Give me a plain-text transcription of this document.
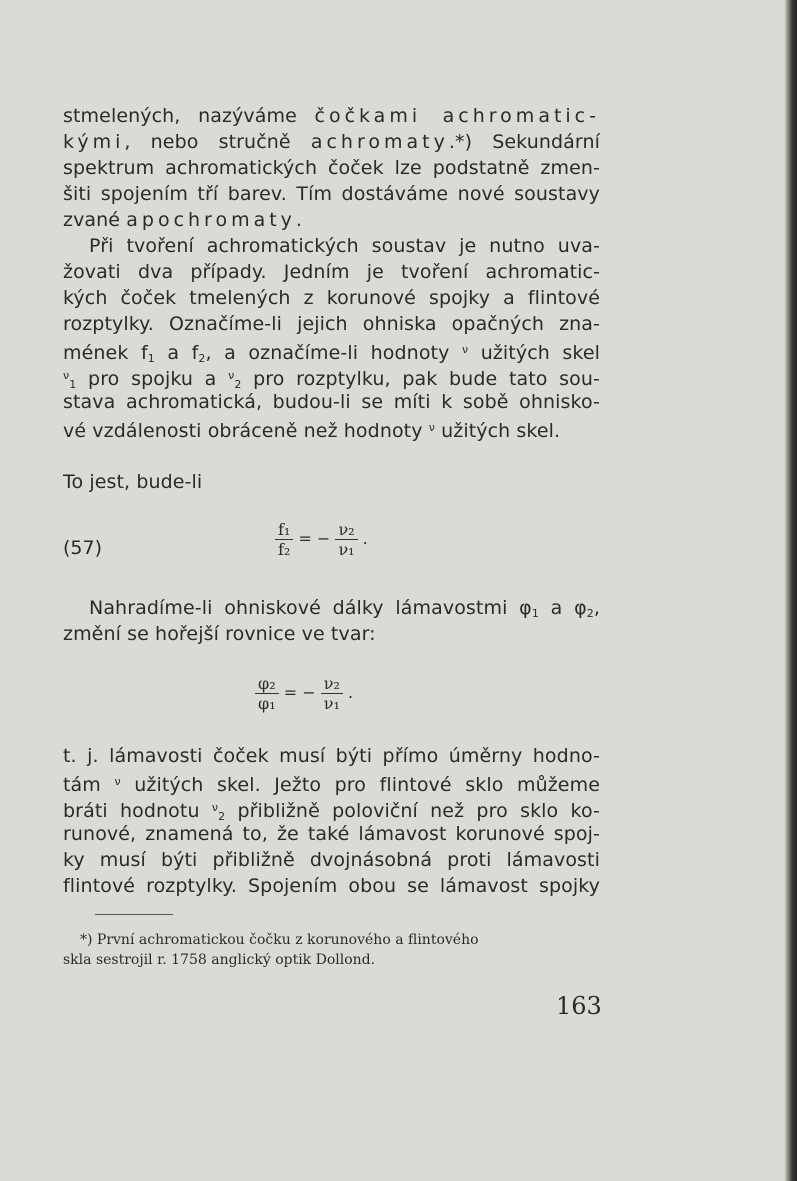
stmelených, nazýváme čočkami achromatic-
kými, nebo stručně achromaty.*) Sekundární
spektrum achromatických čoček lze podstatně zmen-
šiti spojením tří barev. Tím dostáváme nové soustavy
zvané apochromaty.
Při tvoření achromatických soustav je nutno uva-
žovati dva případy. Jedním je tvoření achromatic-
kých čoček tmelených z korunové spojky a flintové
rozptylky. Označíme-li jejich ohniska opačných zna-
mének $f_1$ a $f_2$, a označíme-li hodnoty $^\nu$ užitých skel
$^\nu_1$ pro spojku a $^\nu_2$ pro rozptylku, pak bude tato sou-
stava achromatická, budou-li se míti k sobě ohnisko-
vé vzdálenosti obráceně než hodnoty $^\nu$ užitých skel.
To jest, bude-li
(57)	$\frac{\text{f₁}}{\text{f₂}}$ = − $\frac{\text{ν₂}}{\text{ν₁}}$ .
Nahradíme-li ohniskové dálky lámavostmi $\varphi_1$ a $\varphi_2$,
změní se hořejší rovnice ve tvar:
$\frac{\text{φ₂}}{\text{φ₁}}$ = − $\frac{\text{ν₂}}{\text{ν₁}}$ .
t. j. lámavosti čoček musí býti přímo úměrny hodno-
tám $^\nu$ užitých skel. Ježto pro flintové sklo můžeme
bráti hodnotu $^\nu_2$ přibližně poloviční než pro sklo ko-
runové, znamená to, že také lámavost korunové spoj-
ky musí býti přibližně dvojnásobná proti lámavosti
flintové rozptylky. Spojením obou se lámavost spojky
*) První achromatickou čočku z korunového a flintového
skla sestrojil r. 1758 anglický optik Dollond.
163
